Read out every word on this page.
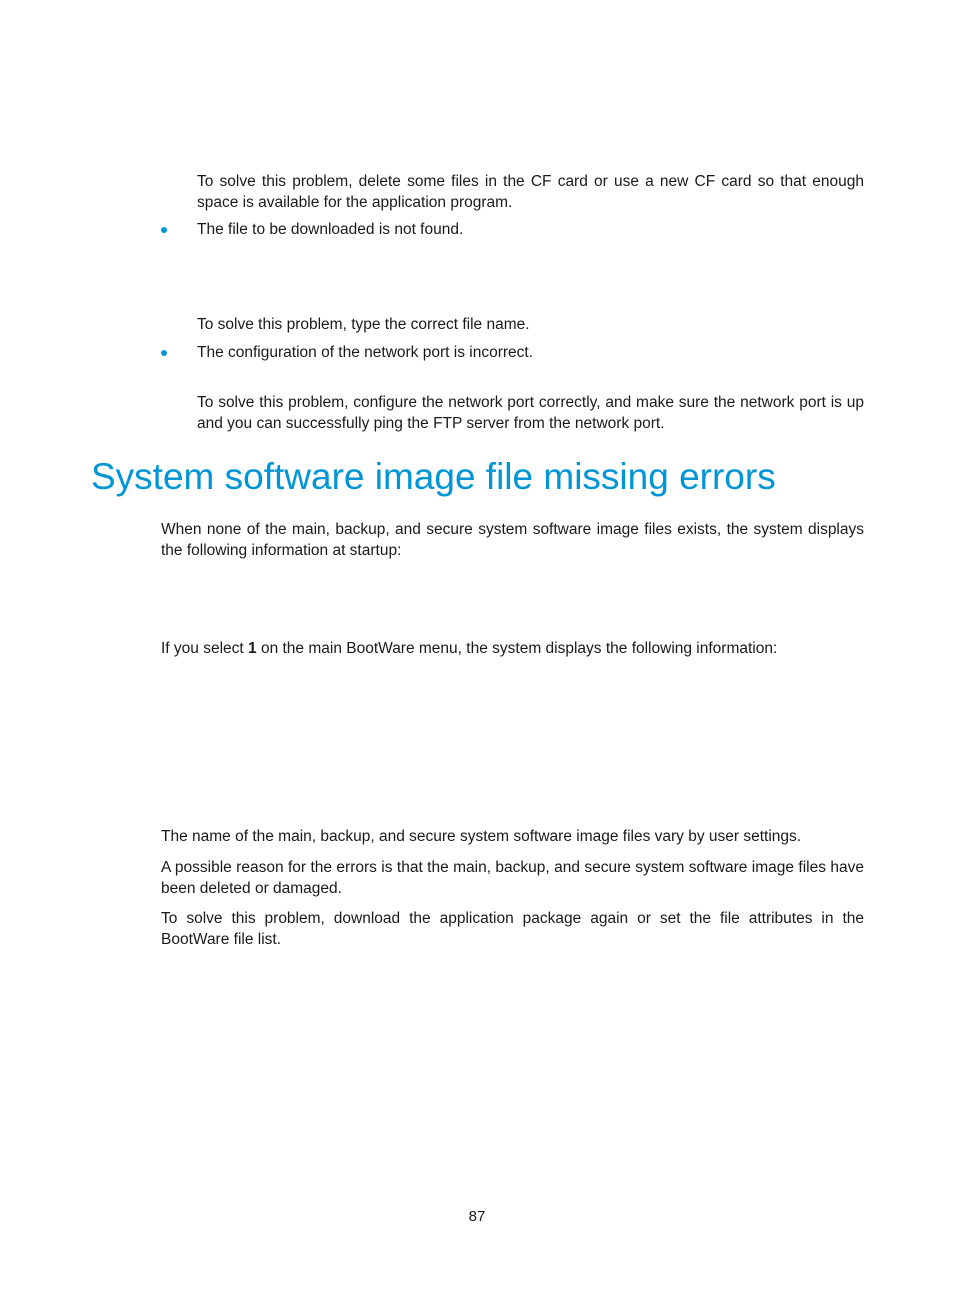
To solve this problem, delete some files in the CF card or use a new CF card so that enough space is available for the application program.

The file to be downloaded is not found.

To solve this problem, type the correct file name.

The configuration of the network port is incorrect.

To solve this problem, configure the network port correctly, and make sure the network port is up and you can successfully ping the FTP server from the network port.

System software image file missing errors

When none of the main, backup, and secure system software image files exists, the system displays the following information at startup:

If you select 1 on the main BootWare menu, the system displays the following information:

The name of the main, backup, and secure system software image files vary by user settings.

A possible reason for the errors is that the main, backup, and secure system software image files have been deleted or damaged.

To solve this problem, download the application package again or set the file attributes in the BootWare file list.

87
